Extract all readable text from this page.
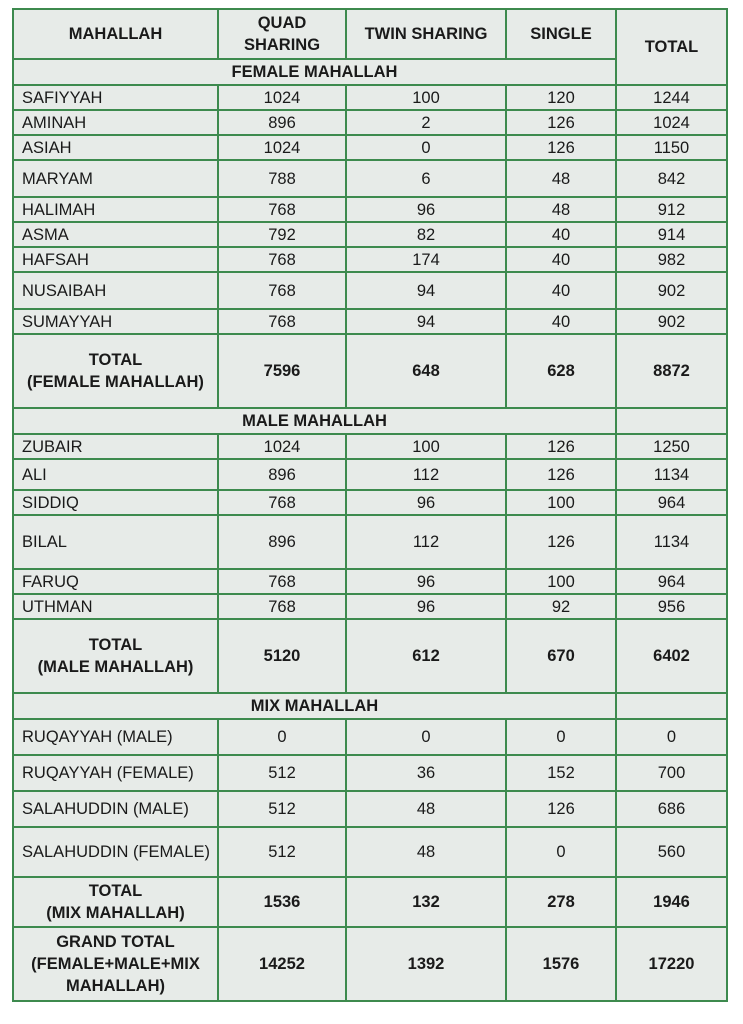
MAHALLAH	QUAD SHARING	TWIN SHARING	SINGLE	TOTAL
FEMALE MAHALLAH				
SAFIYYAH	1024	100	120	1244
AMINAH	896	2	126	1024
ASIAH	1024	0	126	1150
MARYAM	788	6	48	842
HALIMAH	768	96	48	912
ASMA	792	82	40	914
HAFSAH	768	174	40	982
NUSAIBAH	768	94	40	902
SUMAYYAH	768	94	40	902
TOTAL
(FEMALE MAHALLAH)	7596	648	628	8872
MALE MAHALLAH				
ZUBAIR	1024	100	126	1250
ALI	896	112	126	1134
SIDDIQ	768	96	100	964
BILAL	896	112	126	1134
FARUQ	768	96	100	964
UTHMAN	768	96	92	956
TOTAL
(MALE MAHALLAH)	5120	612	670	6402
MIX MAHALLAH				
RUQAYYAH (MALE)	0	0	0	0
RUQAYYAH (FEMALE)	512	36	152	700
SALAHUDDIN (MALE)	512	48	126	686
SALAHUDDIN (FEMALE)	512	48	0	560
TOTAL
(MIX MAHALLAH)	1536	132	278	1946
GRAND TOTAL
(FEMALE+MALE+MIX
MAHALLAH)	14252	1392	1576	17220
